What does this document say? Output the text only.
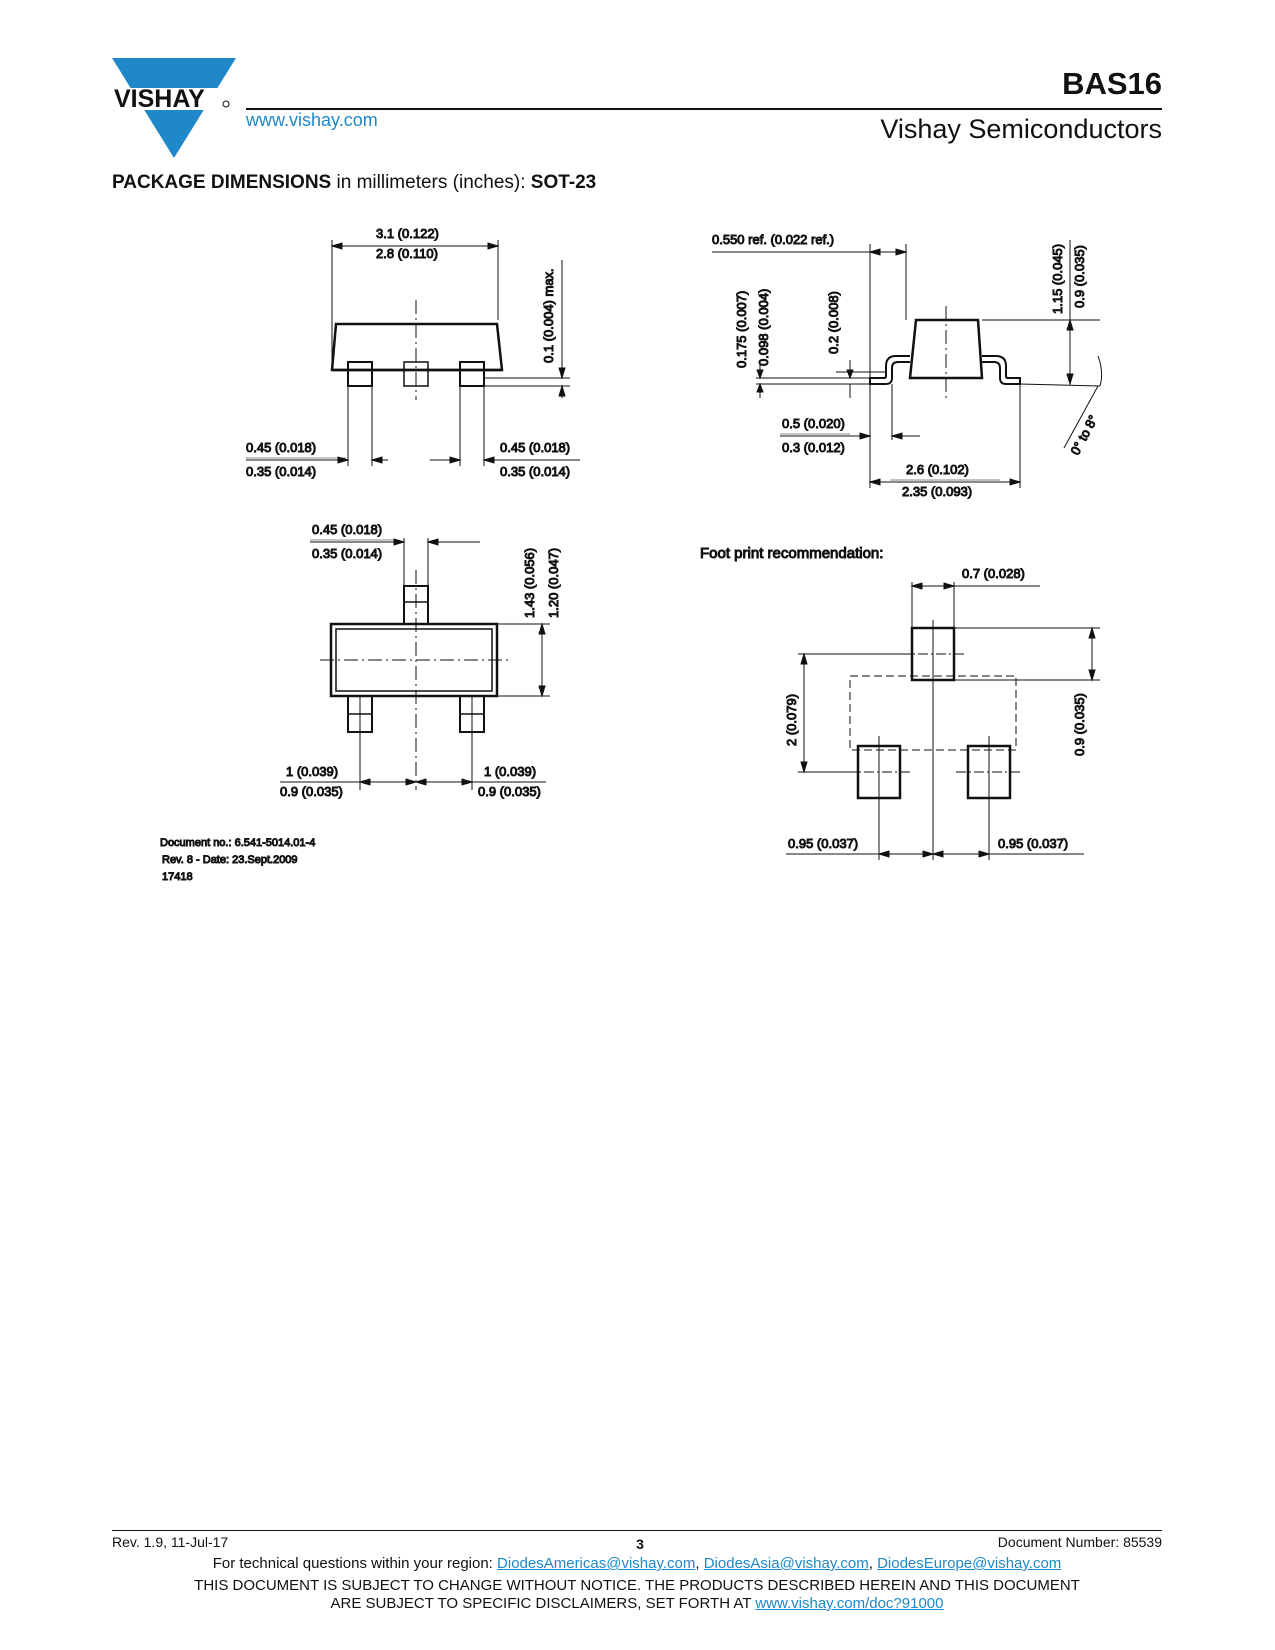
VISHAY
www.vishay.com
BAS16
Vishay Semiconductors
PACKAGE DIMENSIONS in millimeters (inches): SOT-23
3.1 (0.122)
2.8 (0.110)
0.1 (0.004) max.
0.45 (0.018)
0.35 (0.014)
0.45 (0.018)
0.35 (0.014)
0.550 ref. (0.022 ref.)
0.175 (0.007) 0.098 (0.004)	0.2 (0.008)
1.15 (0.045) 0.9 (0.035)
0.5 (0.020)
0.3 (0.012)
2.6 (0.102)
2.35 (0.093)
0° to 8°
0.45 (0.018)
0.35 (0.014)	1.43 (0.056) 1.20 (0.047)
1 (0.039)
0.9 (0.035)
1 (0.039)
0.9 (0.035)
Foot print recommendation:
0.7 (0.028)
2 (0.079)	0.9 (0.035)
0.95 (0.037)	0.95 (0.037)
Document no.: 6.541-5014.01-4
Rev. 8 - Date: 23.Sept.2009
17418
Rev. 1.9, 11-Jul-17	3	Document Number: 85539
For technical questions within your region: DiodesAmericas@vishay.com, DiodesAsia@vishay.com, DiodesEurope@vishay.com
THIS DOCUMENT IS SUBJECT TO CHANGE WITHOUT NOTICE. THE PRODUCTS DESCRIBED HEREIN AND THIS DOCUMENT
ARE SUBJECT TO SPECIFIC DISCLAIMERS, SET FORTH AT www.vishay.com/doc?91000
